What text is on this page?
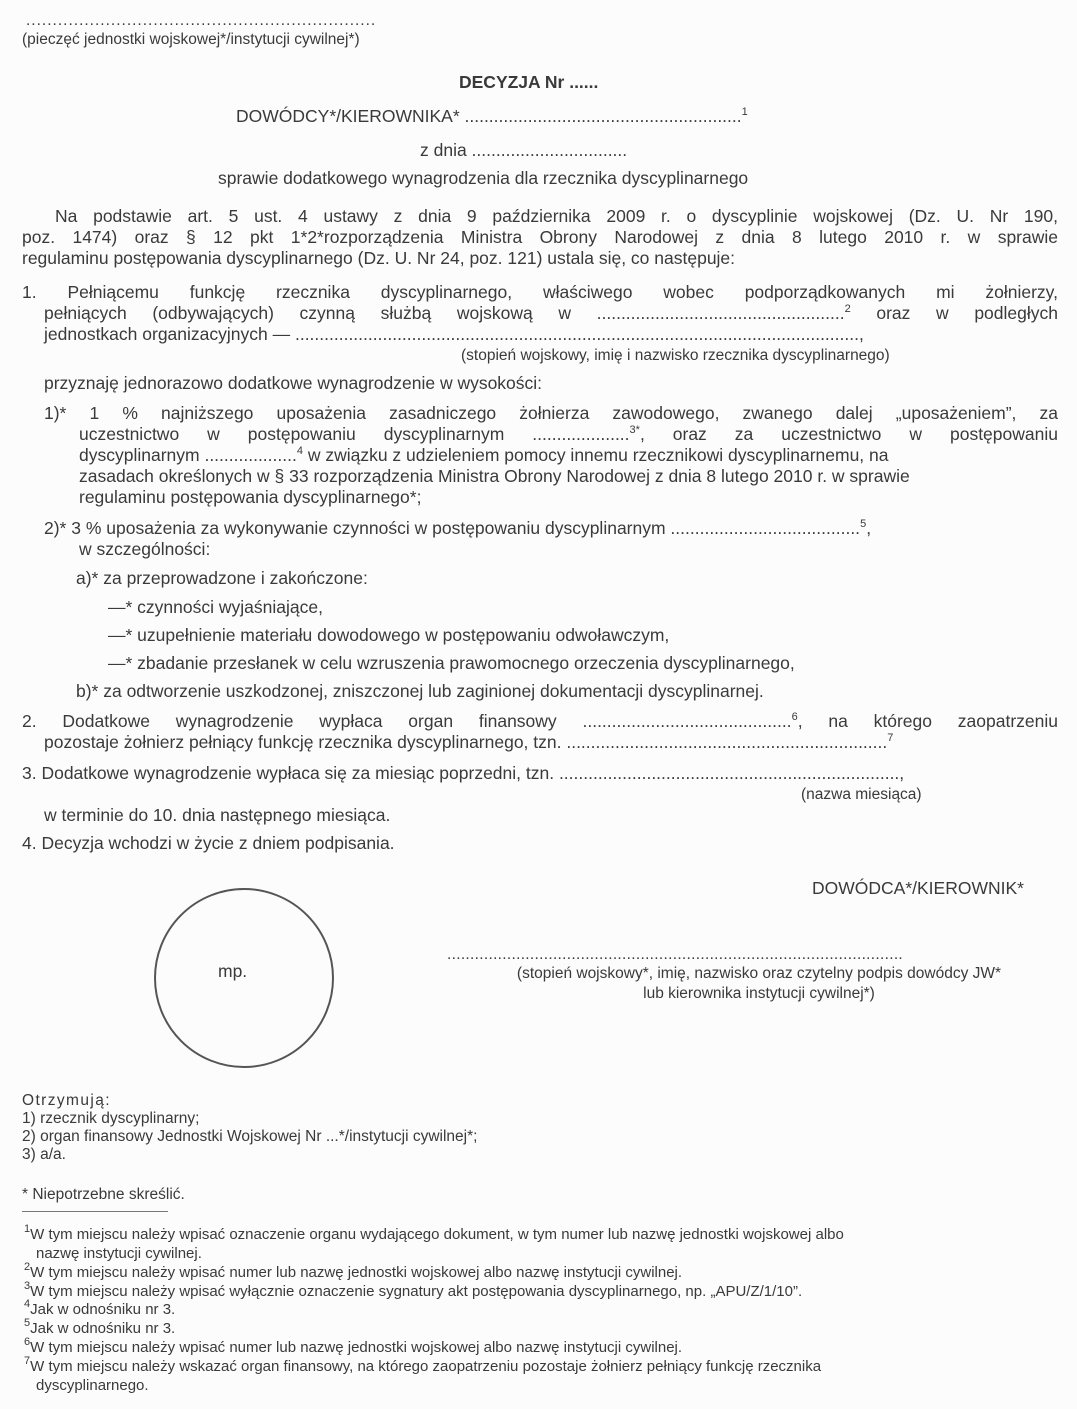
..................................................................
(pieczęć jednostki wojskowej*/instytucji cywilnej*)
DECYZJA Nr ......
DOWÓDCY*/KIEROWNIKA* .........................................................$^1$
z dnia ................................
sprawie dodatkowego wynagrodzenia dla rzecznika dyscyplinarnego
Na podstawie art. 5 ust. 4 ustawy z dnia 9 października 2009 r. o dyscyplinie wojskowej (Dz. U. Nr 190,
poz. 1474) oraz § 12 pkt 1*2*rozporządzenia Ministra Obrony Narodowej z dnia 8 lutego 2010 r. w sprawie
regulaminu postępowania dyscyplinarnego (Dz. U. Nr 24, poz. 121) ustala się, co następuje:
1. Pełniącemu funkcję rzecznika dyscyplinarnego, właściwego wobec podporządkowanych mi żołnierzy,
pełniących (odbywających) czynną służbą wojskową w ...................................................$^2$ oraz w podległych
jednostkach organizacyjnych — ....................................................................................................................,
(stopień wojskowy, imię i nazwisko rzecznika dyscyplinarnego)
przyznaję jednorazowo dodatkowe wynagrodzenie w wysokości:
1)* 1 % najniższego uposażenia zasadniczego żołnierza zawodowego, zwanego dalej „uposażeniem”, za
uczestnictwo w postępowaniu dyscyplinarnym ....................$^{3*}$, oraz za uczestnictwo w postępowaniu
dyscyplinarnym ...................$^4$ w związku z udzieleniem pomocy innemu rzecznikowi dyscyplinarnemu, na
zasadach określonych w § 33 rozporządzenia Ministra Obrony Narodowej z dnia 8 lutego 2010 r. w sprawie
regulaminu postępowania dyscyplinarnego*;
2)* 3 % uposażenia za wykonywanie czynności w postępowaniu dyscyplinarnym .......................................$^5$,
w szczególności:
a)* za przeprowadzone i zakończone:
—* czynności wyjaśniające,
—* uzupełnienie materiału dowodowego w postępowaniu odwoławczym,
—* zbadanie przesłanek w celu wzruszenia prawomocnego orzeczenia dyscyplinarnego,
b)* za odtworzenie uszkodzonej, zniszczonej lub zaginionej dokumentacji dyscyplinarnej.
2. Dodatkowe wynagrodzenie wypłaca organ finansowy ...........................................$^6$, na którego zaopatrzeniu
pozostaje żołnierz pełniący funkcję rzecznika dyscyplinarnego, tzn. ..................................................................$^7$
3. Dodatkowe wynagrodzenie wypłaca się za miesiąc poprzedni, tzn. ......................................................................,
(nazwa miesiąca)
w terminie do 10. dnia następnego miesiąca.
4. Decyzja wchodzi w życie z dniem podpisania.
DOWÓDCA*/KIEROWNIK*
mp.
...................................................................................................
(stopień wojskowy*, imię, nazwisko oraz czytelny podpis dowódcy JW*
lub kierownika instytucji cywilnej*)
Otrzymują:
1) rzecznik dyscyplinarny;
2) organ finansowy Jednostki Wojskowej Nr ...*/instytucji cywilnej*;
3) a/a.
* Niepotrzebne skreślić.
$^1$W tym miejscu należy wpisać oznaczenie organu wydającego dokument, w tym numer lub nazwę jednostki wojskowej albo
nazwę instytucji cywilnej.
$^2$W tym miejscu należy wpisać numer lub nazwę jednostki wojskowej albo nazwę instytucji cywilnej.
$^3$W tym miejscu należy wpisać wyłącznie oznaczenie sygnatury akt postępowania dyscyplinarnego, np. „APU/Z/1/10”.
$^4$Jak w odnośniku nr 3.
$^5$Jak w odnośniku nr 3.
$^6$W tym miejscu należy wpisać numer lub nazwę jednostki wojskowej albo nazwę instytucji cywilnej.
$^7$W tym miejscu należy wskazać organ finansowy, na którego zaopatrzeniu pozostaje żołnierz pełniący funkcję rzecznika
dyscyplinarnego.
